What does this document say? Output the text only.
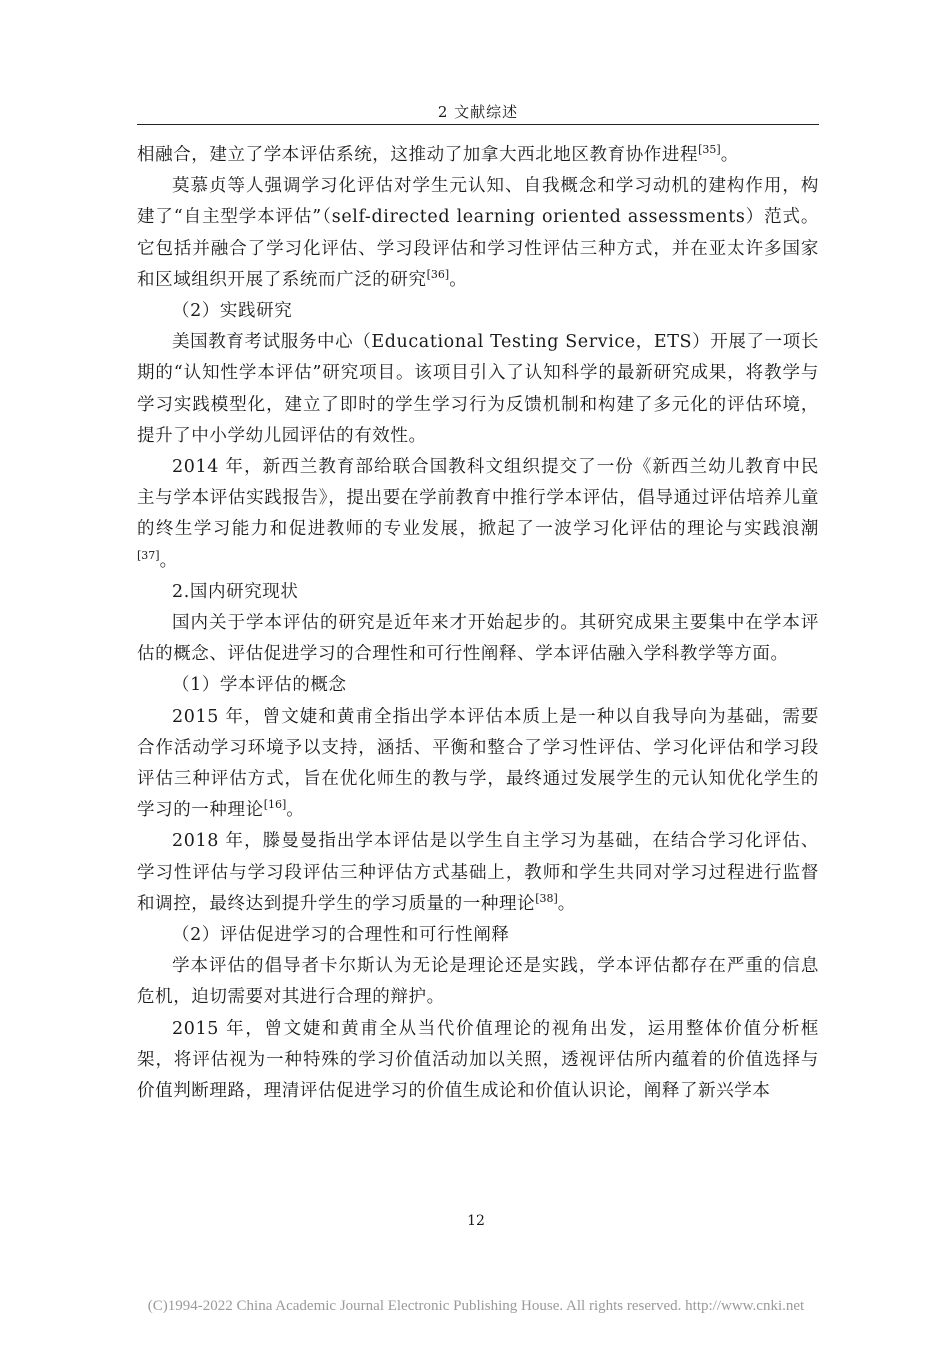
2 文献综述

相融合，建立了学本评估系统，这推动了加拿大西北地区教育协作进程[35]。

莫慕贞等人强调学习化评估对学生元认知、自我概念和学习动机的建构作用，构建了“自主型学本评估”（self-directed learning oriented assessments）范式。它包括并融合了学习化评估、学习段评估和学习性评估三种方式，并在亚太许多国家和区域组织开展了系统而广泛的研究[36]。

（2）实践研究

美国教育考试服务中心（Educational Testing Service，ETS）开展了一项长期的“认知性学本评估”研究项目。该项目引入了认知科学的最新研究成果，将教学与学习实践模型化，建立了即时的学生学习行为反馈机制和构建了多元化的评估环境，提升了中小学幼儿园评估的有效性。

2014 年，新西兰教育部给联合国教科文组织提交了一份《新西兰幼儿教育中民主与学本评估实践报告》，提出要在学前教育中推行学本评估，倡导通过评估培养儿童的终生学习能力和促进教师的专业发展，掀起了一波学习化评估的理论与实践浪潮[37]。

2.国内研究现状

国内关于学本评估的研究是近年来才开始起步的。其研究成果主要集中在学本评估的概念、评估促进学习的合理性和可行性阐释、学本评估融入学科教学等方面。

（1）学本评估的概念

2015 年，曾文婕和黄甫全指出学本评估本质上是一种以自我导向为基础，需要合作活动学习环境予以支持，涵括、平衡和整合了学习性评估、学习化评估和学习段评估三种评估方式，旨在优化师生的教与学，最终通过发展学生的元认知优化学生的学习的一种理论[16]。

2018 年，滕曼曼指出学本评估是以学生自主学习为基础，在结合学习化评估、学习性评估与学习段评估三种评估方式基础上，教师和学生共同对学习过程进行监督和调控，最终达到提升学生的学习质量的一种理论[38]。

（2）评估促进学习的合理性和可行性阐释

学本评估的倡导者卡尔斯认为无论是理论还是实践，学本评估都存在严重的信息危机，迫切需要对其进行合理的辩护。

2015 年，曾文婕和黄甫全从当代价值理论的视角出发，运用整体价值分析框架，将评估视为一种特殊的学习价值活动加以关照，透视评估所内蕴着的价值选择与价值判断理路，理清评估促进学习的价值生成论和价值认识论，阐释了新兴学本

12
(C)1994-2022 China Academic Journal Electronic Publishing House. All rights reserved. http://www.cnki.net
